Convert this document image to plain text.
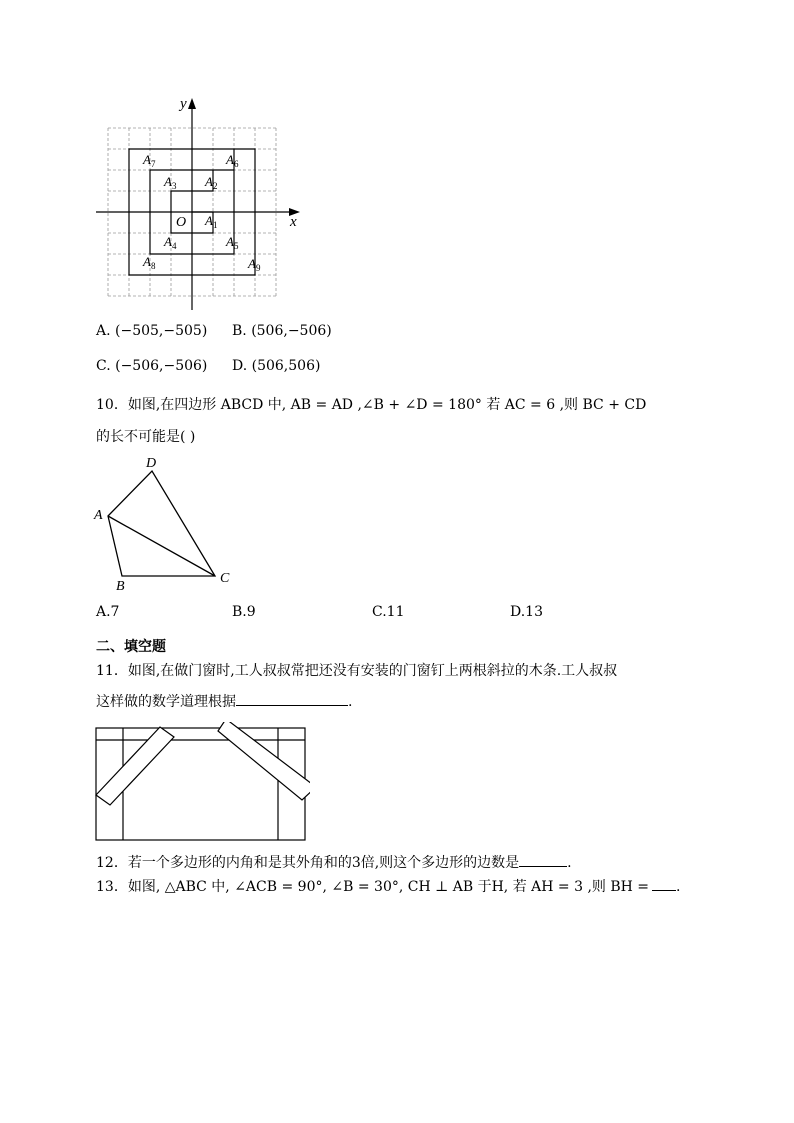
x
y
O $A_1$
$A_2$
$A_3$
$A_4$	$A_5$
$A_6$
$A_7$
$A_8$	$A_9$
A. (−505,−505) B. (506,−506)
C. (−506,−506) D. (506,506)
10．如图,在四边形 ABCD 中, AB = AD ,∠B + ∠D = 180° 若 AC = 6 ,则 BC + CD
的长不可能是( )
A
B
C
D
A.7	B.9	C.11	D.13
二、填空题
11．如图,在做门窗时,工人叔叔常把还没有安装的门窗钉上两根斜拉的木条.工人叔叔
这样做的数学道理根据	.
12．若一个多边形的内角和是其外角和的3倍,则这个多边形的边数是	.
13．如图, △ABC 中, ∠ACB = 90°, ∠B = 30°, CH ⊥ AB 于H, 若 AH = 3 ,则 BH = .
